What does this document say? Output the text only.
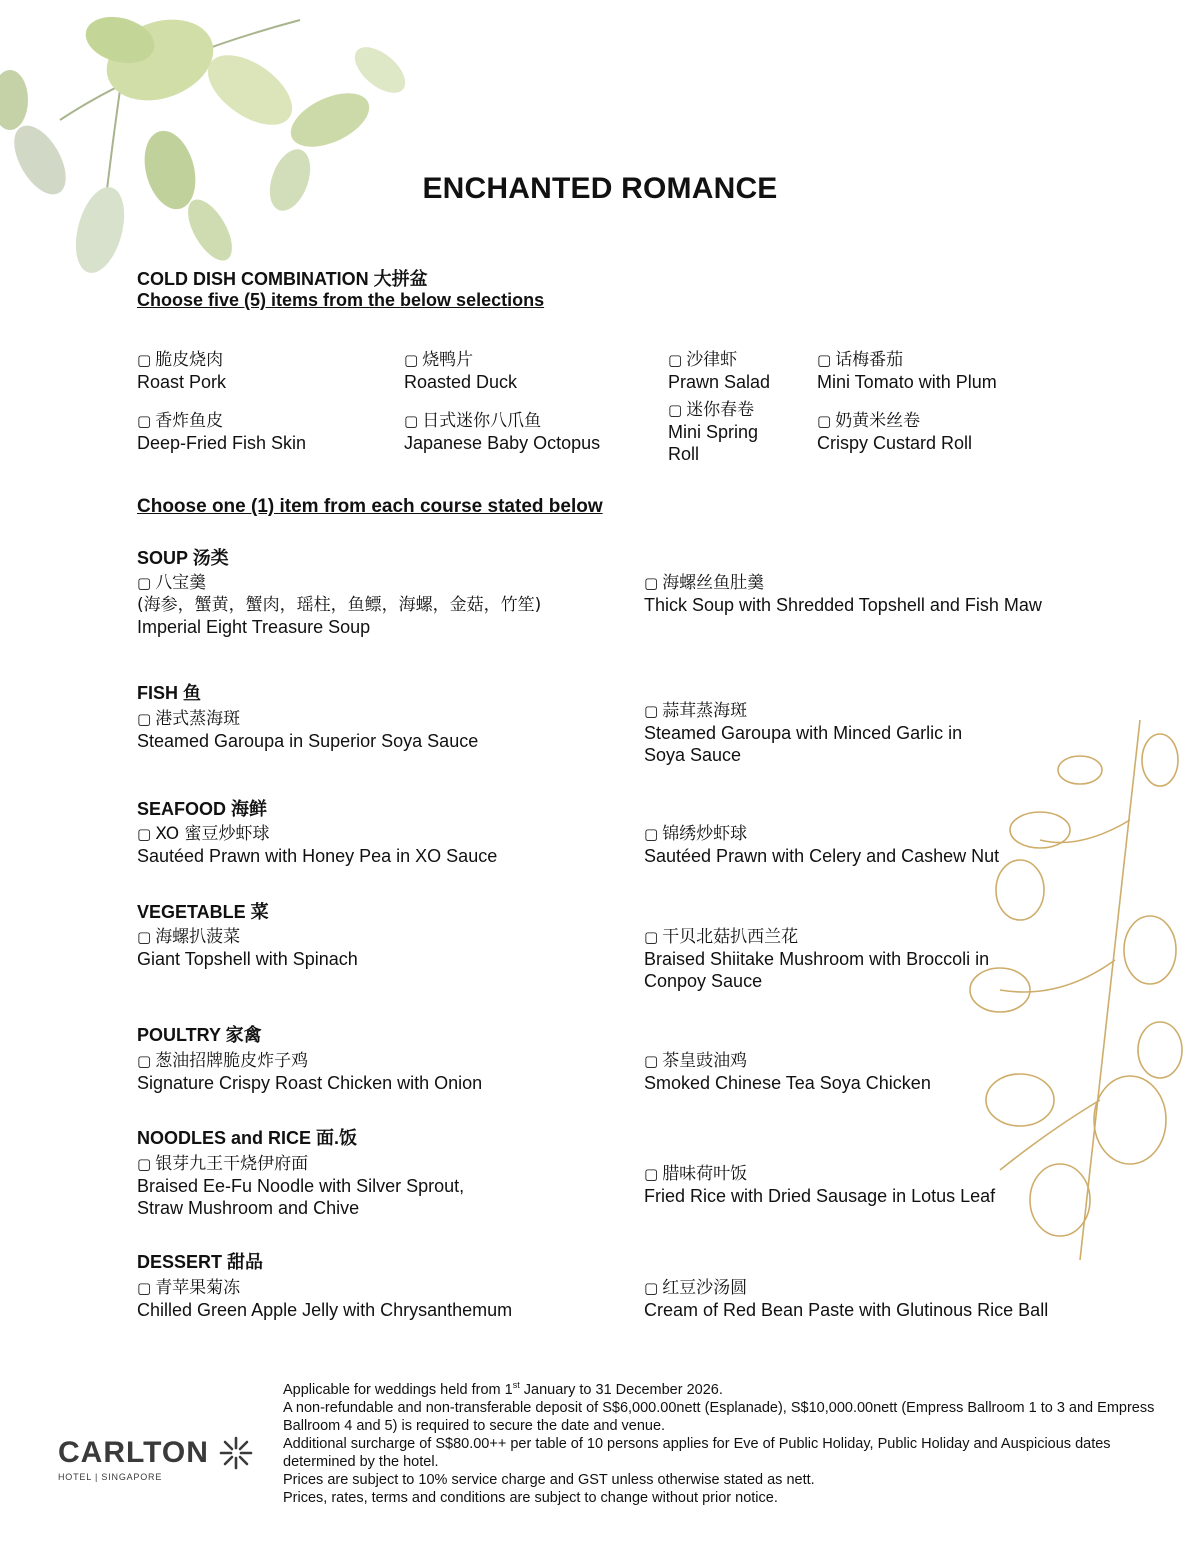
ENCHANTED ROMANCE
COLD DISH COMBINATION 大拼盆
Choose five (5) items from the below selections
▢ 脆皮烧肉
Roast Pork
▢ 烧鸭片
Roasted Duck
▢ 沙律虾
Prawn Salad
▢ 话梅番茄
Mini Tomato with Plum
▢ 香炸鱼皮
Deep-Fried Fish Skin
▢ 日式迷你八爪鱼
Japanese Baby Octopus
▢ 迷你春卷
Mini Spring Roll
▢ 奶黄米丝卷
Crispy Custard Roll
Choose one (1) item from each course stated below
SOUP 汤类
▢ 八宝羹
(海参，蟹黄，蟹肉，瑶柱，鱼鳔，海螺，金菇，竹笙)
Imperial Eight Treasure Soup
▢ 海螺丝鱼肚羹
Thick Soup with Shredded Topshell and Fish Maw
FISH 鱼
▢ 港式蒸海斑
Steamed Garoupa in Superior Soya Sauce
▢ 蒜茸蒸海斑
Steamed Garoupa with Minced Garlic in Soya Sauce
SEAFOOD 海鲜
▢ XO 蜜豆炒虾球
Sautéed Prawn with Honey Pea in XO Sauce
▢ 锦绣炒虾球
Sautéed Prawn with Celery and Cashew Nut
VEGETABLE 菜
▢ 海螺扒菠菜
Giant Topshell with Spinach
▢ 干贝北菇扒西兰花
Braised Shiitake Mushroom with Broccoli in Conpoy Sauce
POULTRY 家禽
▢ 葱油招牌脆皮炸子鸡
Signature Crispy Roast Chicken with Onion
▢ 茶皇豉油鸡
Smoked Chinese Tea Soya Chicken
NOODLES and RICE 面.饭
▢ 银芽九王干烧伊府面
Braised Ee-Fu Noodle with Silver Sprout, Straw Mushroom and Chive
▢ 腊味荷叶饭
Fried Rice with Dried Sausage in Lotus Leaf
DESSERT 甜品
▢ 青苹果菊冻
Chilled Green Apple Jelly with Chrysanthemum
▢ 红豆沙汤圆
Cream of Red Bean Paste with Glutinous Rice Ball
Applicable for weddings held from 1st January to 31 December 2026.
A non-refundable and non-transferable deposit of S$6,000.00nett (Esplanade), S$10,000.00nett (Empress Ballroom 1 to 3 and Empress Ballroom 4 and 5) is required to secure the date and venue.
Additional surcharge of S$80.00++ per table of 10 persons applies for Eve of Public Holiday, Public Holiday and Auspicious dates determined by the hotel.
Prices are subject to 10% service charge and GST unless otherwise stated as nett.
Prices, rates, terms and conditions are subject to change without prior notice.
CARLTON
HOTEL | SINGAPORE
